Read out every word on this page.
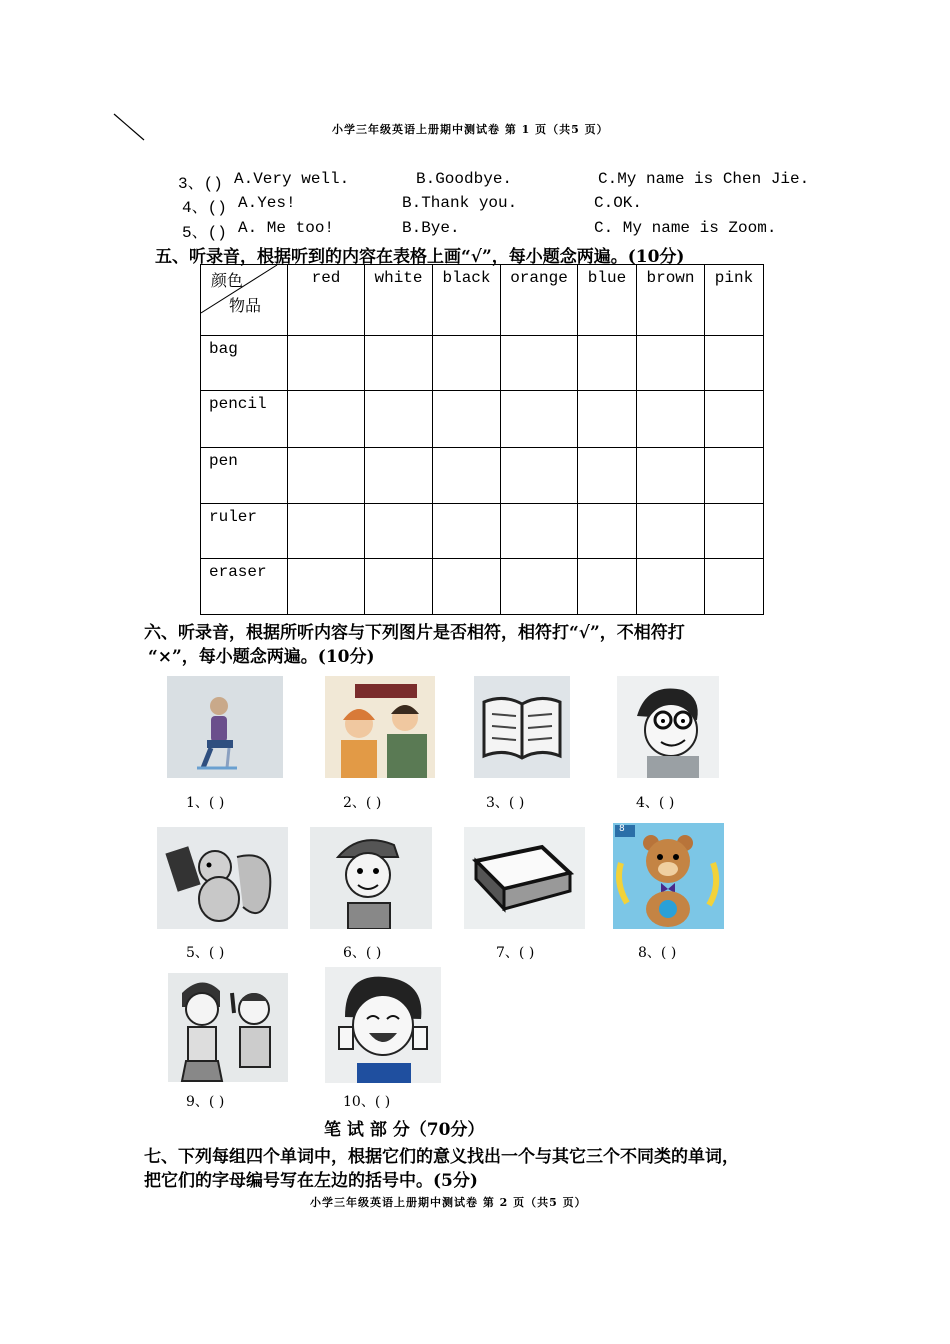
小学三年级英语上册期中测试卷 第 1 页（共5 页）
3、() A.Very well.	B.Goodbye.	C.My name is Chen Jie.
4、() A.Yes!	B.Thank you.	C.OK.
5、() A. Me too!	B.Bye.	C. My name is Zoom.
五、听录音，根据听到的内容在表格上画“√”，每小题念两遍。(10分)
颜色
物品	red	white	black	orange	blue	brown	pink
bag							
pencil							
pen							
ruler							
eraser							
六、听录音，根据所听内容与下列图片是否相符，相符打“√”，不相符打
“×”，每小题念两遍。(10分)
1、( )	2、( )	3、( )	4、( )
5、( )	6、( )	7、( )
8
8、( )
9、( )	10、( )
笔 试 部 分（70分）
七、下列每组四个单词中，根据它们的意义找出一个与其它三个不同类的单词，
把它们的字母编号写在左边的括号中。(5分)
小学三年级英语上册期中测试卷 第 2 页（共5 页）
